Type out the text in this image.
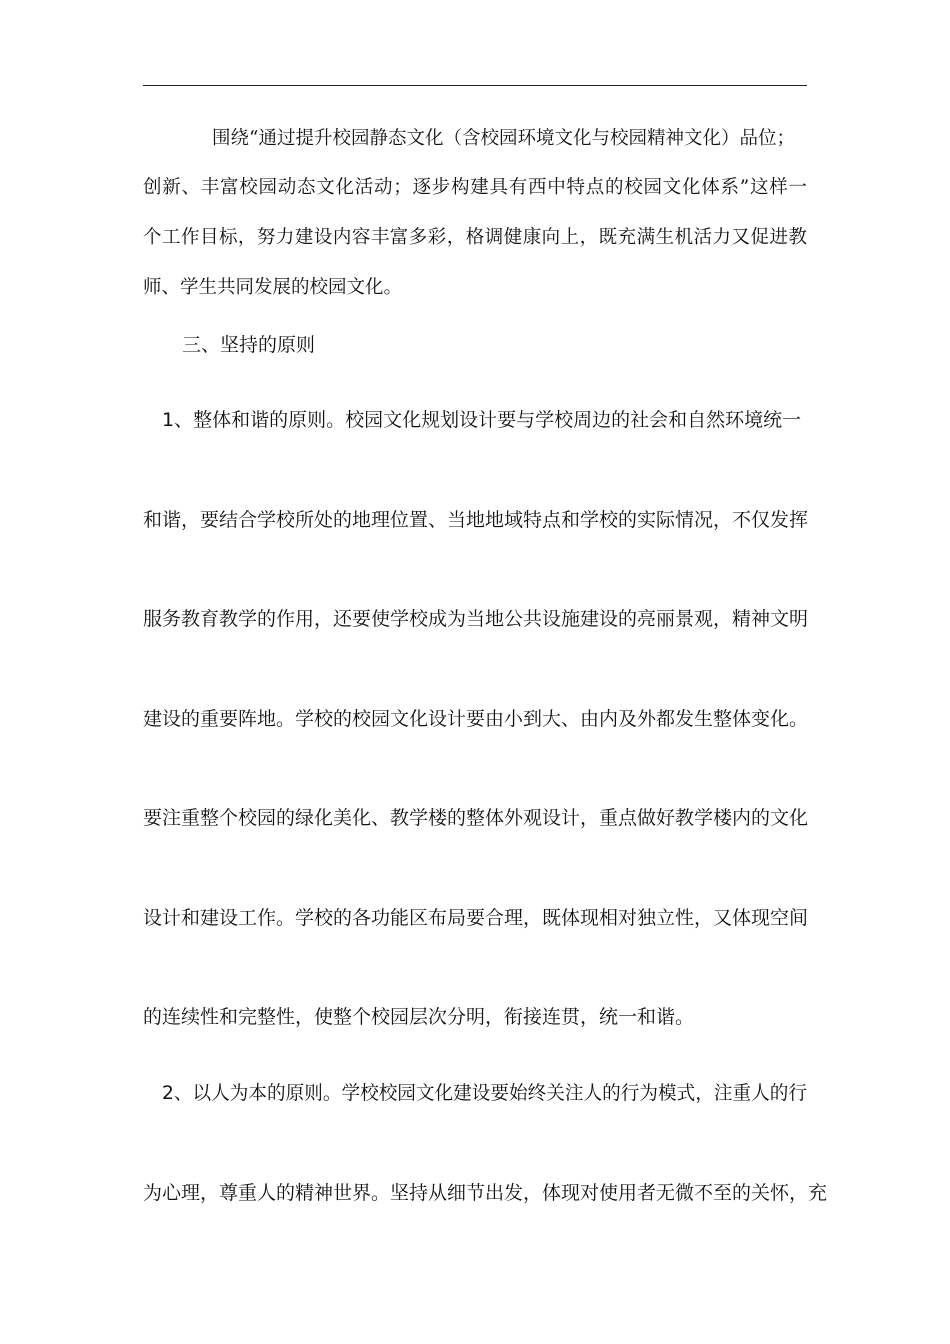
围绕“通过提升校园静态文化（含校园环境文化与校园精神文化）品位；
创新、丰富校园动态文化活动；逐步构建具有西中特点的校园文化体系”这样一
个工作目标，努力建设内容丰富多彩，格调健康向上，既充满生机活力又促进教
师、学生共同发展的校园文化。
三、坚持的原则
1、整体和谐的原则。校园文化规划设计要与学校周边的社会和自然环境统一
和谐，要结合学校所处的地理位置、当地地域特点和学校的实际情况，不仅发挥
服务教育教学的作用，还要使学校成为当地公共设施建设的亮丽景观，精神文明
建设的重要阵地。学校的校园文化设计要由小到大、由内及外都发生整体变化。
要注重整个校园的绿化美化、教学楼的整体外观设计，重点做好教学楼内的文化
设计和建设工作。学校的各功能区布局要合理，既体现相对独立性，又体现空间
的连续性和完整性，使整个校园层次分明，衔接连贯，统一和谐。
2、以人为本的原则。学校校园文化建设要始终关注人的行为模式，注重人的行
为心理，尊重人的精神世界。坚持从细节出发，体现对使用者无微不至的关怀，充
